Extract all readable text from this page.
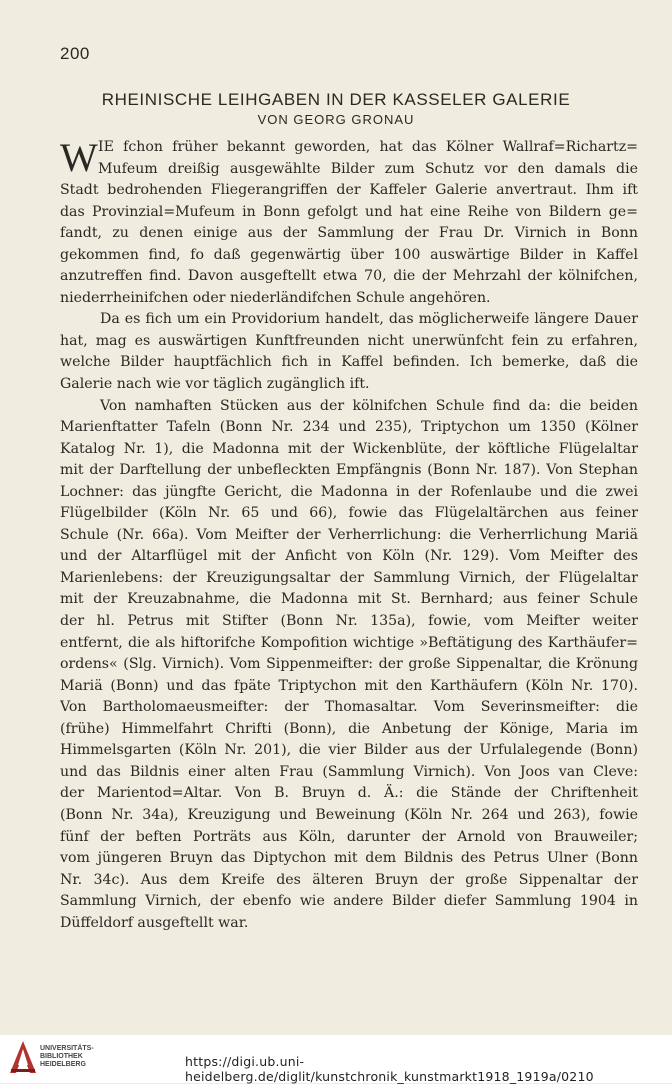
200
RHEINISCHE LEIHGABEN IN DER KASSELER GALERIE
VON GEORG GRONAU
W IE fchon früher bekannt geworden, hat das Kölner Wallraf=Richartz=
Mufeum dreißig ausgewählte Bilder zum Schutz vor den damals die
Stadt bedrohenden Fliegerangriffen der Kaffeler Galerie anvertraut. Ihm ift
das Provinzial=Mufeum in Bonn gefolgt und hat eine Reihe von Bildern ge=
fandt, zu denen einige aus der Sammlung der Frau Dr. Virnich in Bonn
gekommen find, fo daß gegenwärtig über 100 auswärtige Bilder in Kaffel
anzutreffen find. Davon ausgeftellt etwa 70, die der Mehrzahl der kölnifchen,
niederrheinifchen oder niederländifchen Schule angehören.
Da es fich um ein Providorium handelt, das möglicherweife längere Dauer
hat, mag es auswärtigen Kunftfreunden nicht unerwünfcht fein zu erfahren,
welche Bilder hauptfächlich fich in Kaffel befinden. Ich bemerke, daß die
Galerie nach wie vor täglich zugänglich ift.
Von namhaften Stücken aus der kölnifchen Schule find da: die beiden
Marienftatter Tafeln (Bonn Nr. 234 und 235), Triptychon um 1350 (Kölner
Katalog Nr. 1), die Madonna mit der Wickenblüte, der köftliche Flügelaltar
mit der Darftellung der unbefleckten Empfängnis (Bonn Nr. 187). Von Stephan
Lochner: das jüngfte Gericht, die Madonna in der Rofenlaube und die zwei
Flügelbilder (Köln Nr. 65 und 66), fowie das Flügelaltärchen aus feiner
Schule (Nr. 66a). Vom Meifter der Verherrlichung: die Verherrlichung Mariä
und der Altarflügel mit der Anficht von Köln (Nr. 129). Vom Meifter des
Marienlebens: der Kreuzigungsaltar der Sammlung Virnich, der Flügelaltar
mit der Kreuzabnahme, die Madonna mit St. Bernhard; aus feiner Schule
der hl. Petrus mit Stifter (Bonn Nr. 135a), fowie, vom Meifter weiter
entfernt, die als hiftorifche Kompofition wichtige »Beftätigung des Karthäufer=
ordens« (Slg. Virnich). Vom Sippenmeifter: der große Sippenaltar, die Krönung
Mariä (Bonn) und das fpäte Triptychon mit den Karthäufern (Köln Nr. 170).
Von Bartholomaeusmeifter: der Thomasaltar. Vom Severinsmeifter: die
(frühe) Himmelfahrt Chrifti (Bonn), die Anbetung der Könige, Maria im
Himmelsgarten (Köln Nr. 201), die vier Bilder aus der Urfulalegende (Bonn)
und das Bildnis einer alten Frau (Sammlung Virnich). Von Joos van Cleve:
der Marientod=Altar. Von B. Bruyn d. Ä.: die Stände der Chriftenheit
(Bonn Nr. 34a), Kreuzigung und Beweinung (Köln Nr. 264 und 263), fowie
fünf der beften Porträts aus Köln, darunter der Arnold von Brauweiler;
vom jüngeren Bruyn das Diptychon mit dem Bildnis des Petrus Ulner (Bonn
Nr. 34c). Aus dem Kreife des älteren Bruyn der große Sippenaltar der
Sammlung Virnich, der ebenfo wie andere Bilder diefer Sammlung 1904 in
Düffeldorf ausgeftellt war.
UNIVERSITÄTS-
BIBLIOTHEK
HEIDELBERG	https://digi.ub.uni-heidelberg.de/diglit/kunstchronik_kunstmarkt1918_1919a/0210
